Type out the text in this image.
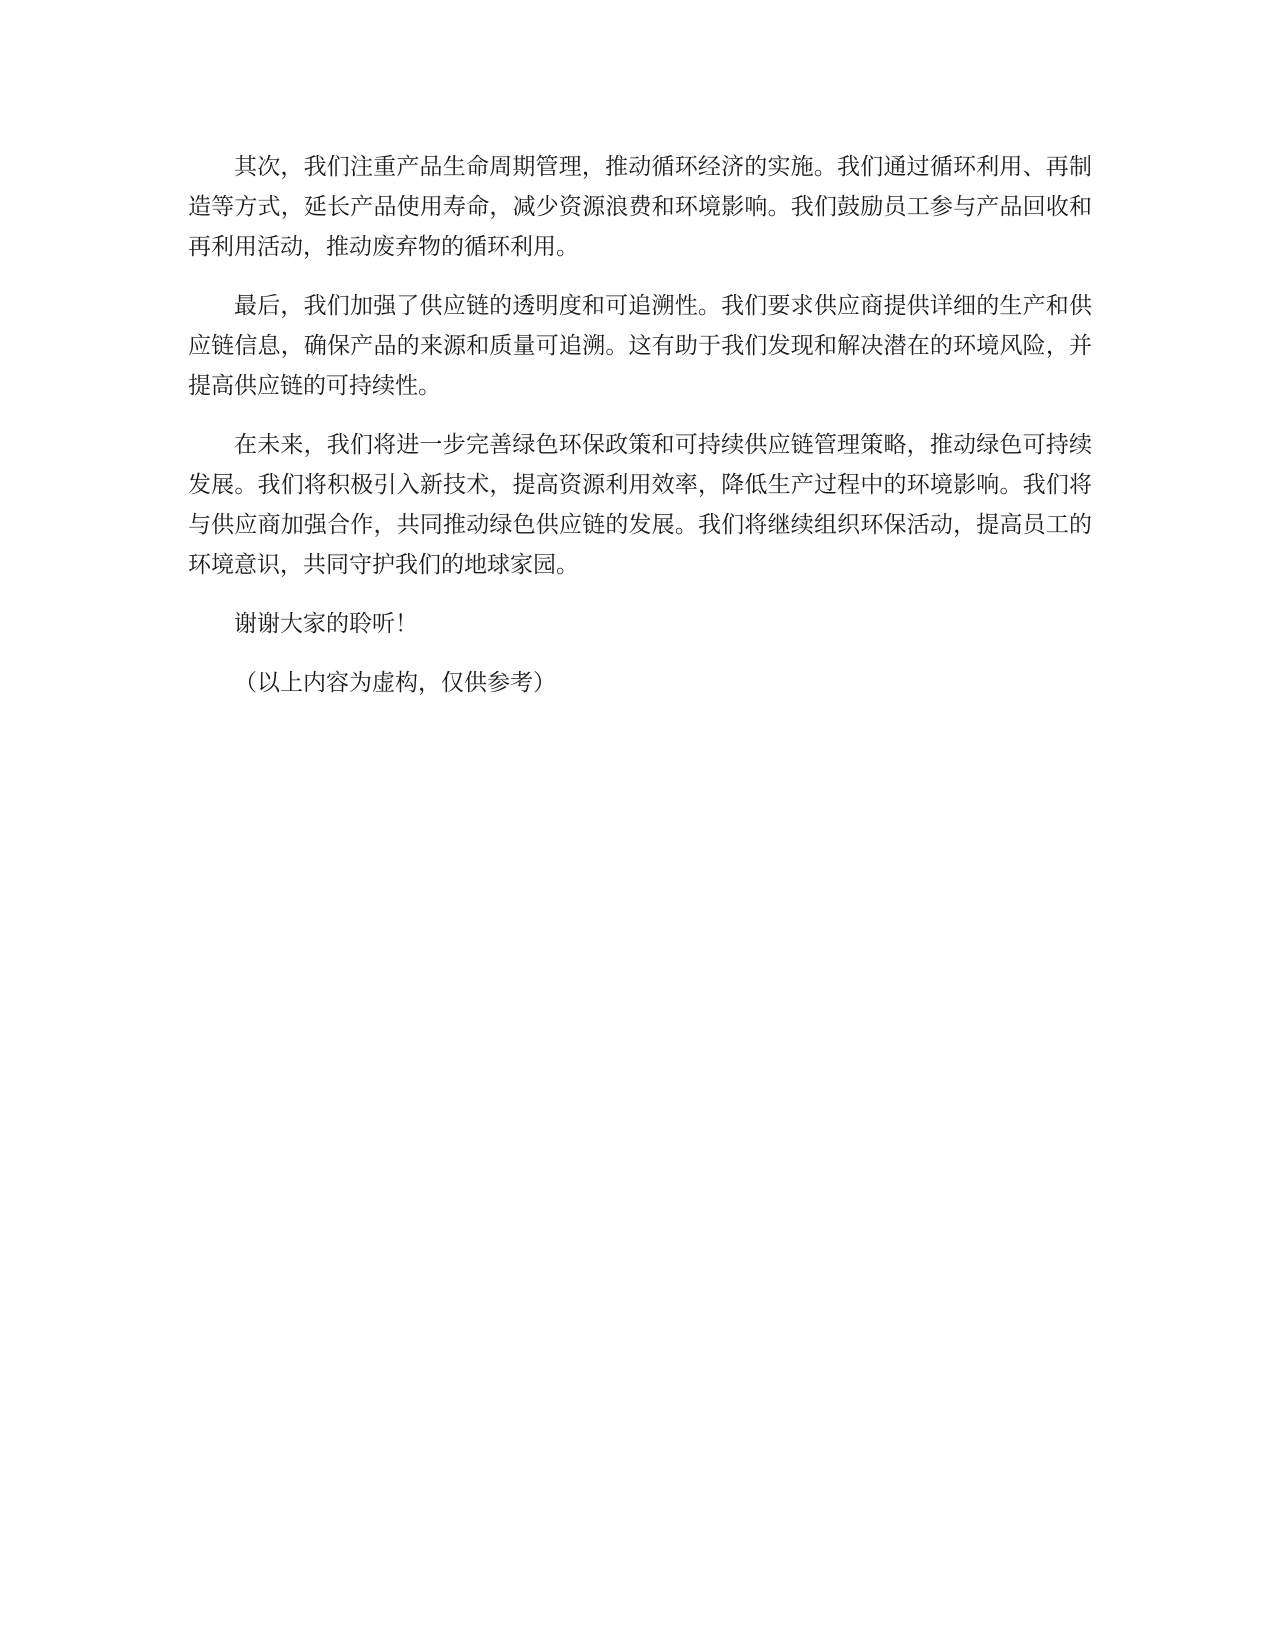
其次，我们注重产品生命周期管理，推动循环经济的实施。我们通过循环利用、再制造等方式，延长产品使用寿命，减少资源浪费和环境影响。我们鼓励员工参与产品回收和再利用活动，推动废弃物的循环利用。

最后，我们加强了供应链的透明度和可追溯性。我们要求供应商提供详细的生产和供应链信息，确保产品的来源和质量可追溯。这有助于我们发现和解决潜在的环境风险，并提高供应链的可持续性。

在未来，我们将进一步完善绿色环保政策和可持续供应链管理策略，推动绿色可持续发展。我们将积极引入新技术，提高资源利用效率，降低生产过程中的环境影响。我们将与供应商加强合作，共同推动绿色供应链的发展。我们将继续组织环保活动，提高员工的环境意识，共同守护我们的地球家园。

谢谢大家的聆听！

（以上内容为虚构，仅供参考）
